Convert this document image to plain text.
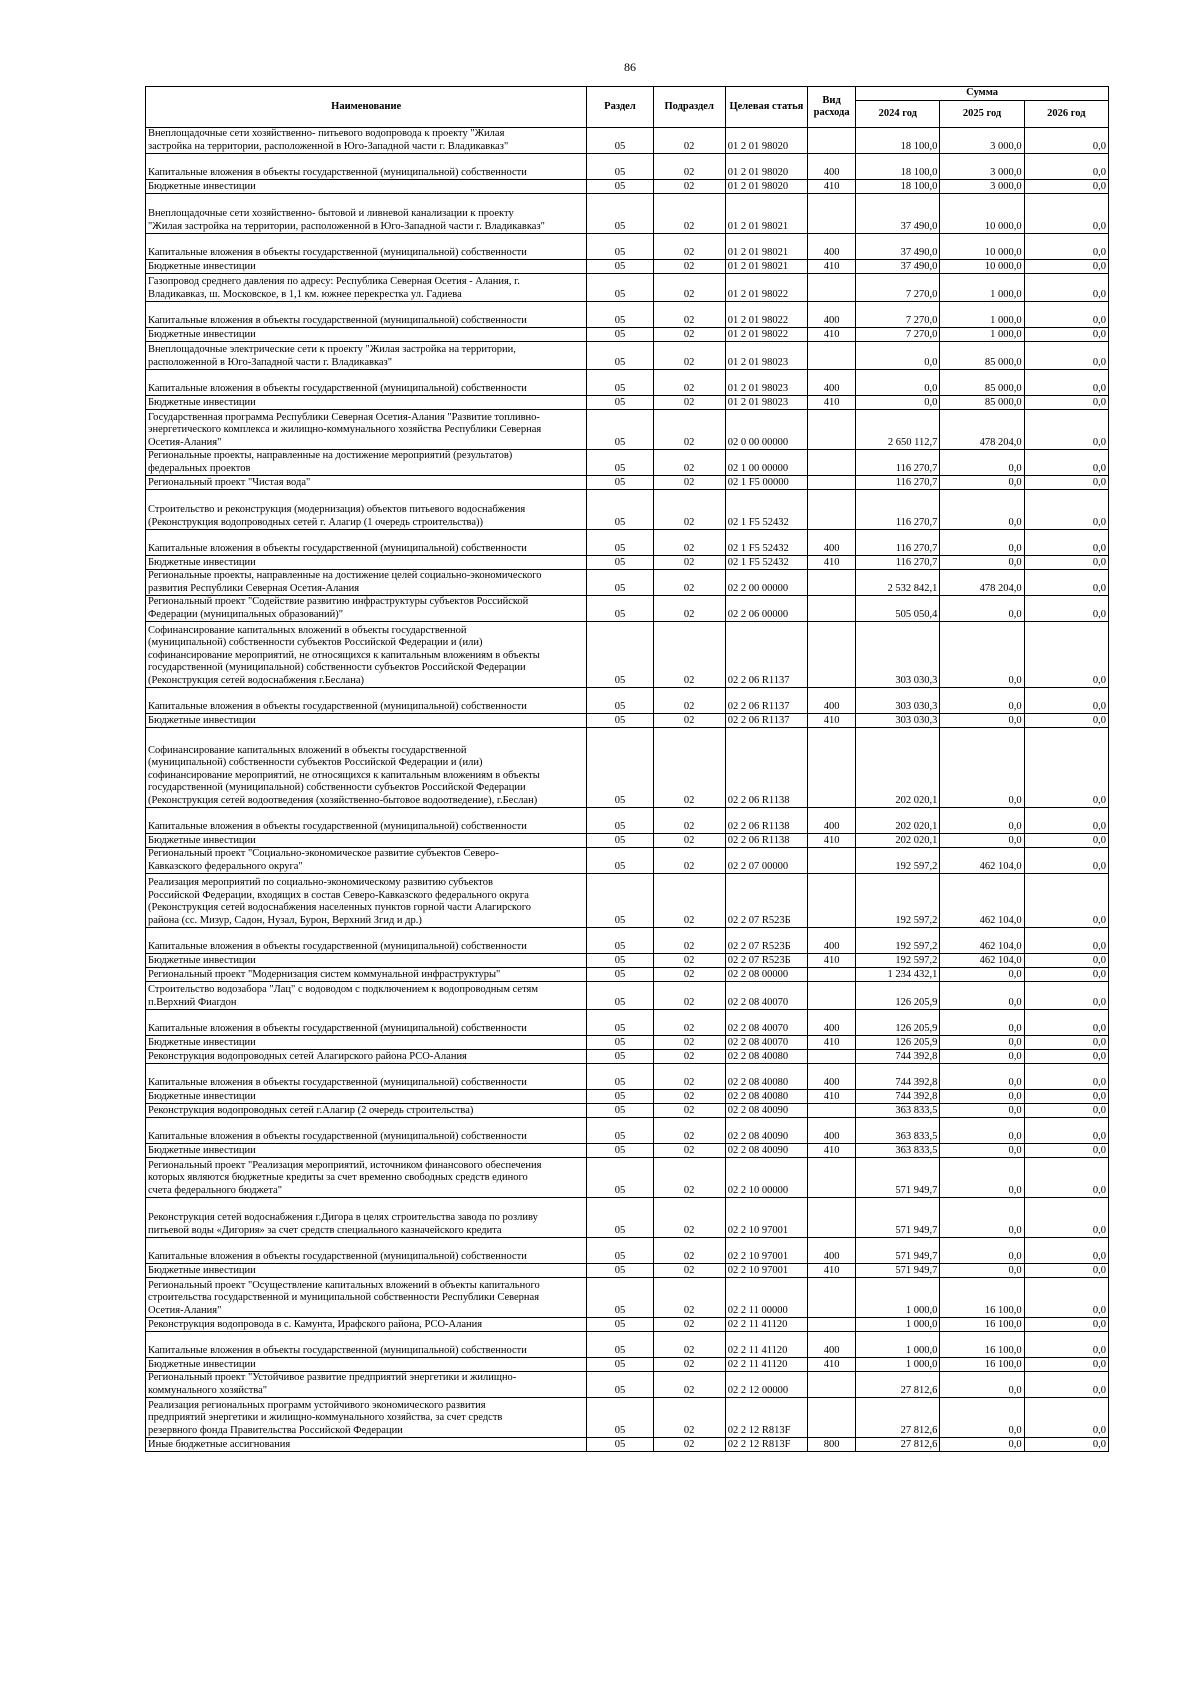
86
Наименование	Раздел	Подраздел	Целевая статья	Вид расхода	Сумма		
					2024 год	2025 год	2026 год
Внеплощадочные сети хозяйственно- питьевого водопровода к проекту "Жилая
застройка на территории, расположенной в Юго-Западной части г. Владикавказ"	05	02	01 2 01 98020		18 100,0	3 000,0	0,0
Капитальные вложения в объекты государственной (муниципальной) собственности	05	02	01 2 01 98020	400	18 100,0	3 000,0	0,0
Бюджетные инвестиции	05	02	01 2 01 98020	410	18 100,0	3 000,0	0,0
Внеплощадочные сети хозяйственно- бытовой и ливневой канализации к проекту
"Жилая застройка на территории, расположенной в Юго-Западной части г. Владикавказ"	05	02	01 2 01 98021		37 490,0	10 000,0	0,0
Капитальные вложения в объекты государственной (муниципальной) собственности	05	02	01 2 01 98021	400	37 490,0	10 000,0	0,0
Бюджетные инвестиции	05	02	01 2 01 98021	410	37 490,0	10 000,0	0,0
Газопровод среднего давления по адресу: Республика Северная Осетия - Алания, г.
Владикавказ, ш. Московское, в 1,1 км. южнее перекрестка ул. Гадиева	05	02	01 2 01 98022		7 270,0	1 000,0	0,0
Капитальные вложения в объекты государственной (муниципальной) собственности	05	02	01 2 01 98022	400	7 270,0	1 000,0	0,0
Бюджетные инвестиции	05	02	01 2 01 98022	410	7 270,0	1 000,0	0,0
Внеплощадочные электрические сети к проекту "Жилая застройка на территории,
расположенной в Юго-Западной части г. Владикавказ"	05	02	01 2 01 98023		0,0	85 000,0	0,0
Капитальные вложения в объекты государственной (муниципальной) собственности	05	02	01 2 01 98023	400	0,0	85 000,0	0,0
Бюджетные инвестиции	05	02	01 2 01 98023	410	0,0	85 000,0	0,0
Государственная программа Республики Северная Осетия-Алания "Развитие топливно-
энергетического комплекса и жилищно-коммунального хозяйства Республики Северная
Осетия-Алания"	05	02	02 0 00 00000		2 650 112,7	478 204,0	0,0
Региональные проекты, направленные на достижение мероприятий (результатов)
федеральных проектов	05	02	02 1 00 00000		116 270,7	0,0	0,0
Региональный проект "Чистая вода"	05	02	02 1 F5 00000		116 270,7	0,0	0,0
Строительство и реконструкция (модернизация) объектов питьевого водоснабжения
(Реконструкция водопроводных сетей г. Алагир (1 очередь строительства))	05	02	02 1 F5 52432		116 270,7	0,0	0,0
Капитальные вложения в объекты государственной (муниципальной) собственности	05	02	02 1 F5 52432	400	116 270,7	0,0	0,0
Бюджетные инвестиции	05	02	02 1 F5 52432	410	116 270,7	0,0	0,0
Региональные проекты, направленные на достижение целей социально-экономического
развития Республики Северная Осетия-Алания	05	02	02 2 00 00000		2 532 842,1	478 204,0	0,0
Региональный проект "Содействие развитию инфраструктуры субъектов Российской
Федерации (муниципальных образований)"	05	02	02 2 06 00000		505 050,4	0,0	0,0
Софинансирование капитальных вложений в объекты государственной
(муниципальной) собственности субъектов Российской Федерации и (или)
софинансирование мероприятий, не относящихся к капитальным вложениям в объекты
государственной (муниципальной) собственности субъектов Российской Федерации
(Реконструкция сетей водоснабжения г.Беслана)	05	02	02 2 06 R1137		303 030,3	0,0	0,0
Капитальные вложения в объекты государственной (муниципальной) собственности	05	02	02 2 06 R1137	400	303 030,3	0,0	0,0
Бюджетные инвестиции	05	02	02 2 06 R1137	410	303 030,3	0,0	0,0
Софинансирование капитальных вложений в объекты государственной
(муниципальной) собственности субъектов Российской Федерации и (или)
софинансирование мероприятий, не относящихся к капитальным вложениям в объекты
государственной (муниципальной) собственности субъектов Российской Федерации
(Реконструкция сетей водоотведения (хозяйственно-бытовое водоотведение), г.Беслан)	05	02	02 2 06 R1138		202 020,1	0,0	0,0
Капитальные вложения в объекты государственной (муниципальной) собственности	05	02	02 2 06 R1138	400	202 020,1	0,0	0,0
Бюджетные инвестиции	05	02	02 2 06 R1138	410	202 020,1	0,0	0,0
Региональный проект "Социально-экономическое развитие субъектов Северо-
Кавказского федерального округа"	05	02	02 2 07 00000		192 597,2	462 104,0	0,0
Реализация мероприятий по социально-экономическому развитию субъектов
Российской Федерации, входящих в состав Северо-Кавказского федерального округа
(Реконструкция сетей водоснабжения населенных пунктов горной части Алагирского
района (сс. Мизур, Садон, Нузал, Бурон, Верхний Згид и др.)	05	02	02 2 07 R523Б		192 597,2	462 104,0	0,0
Капитальные вложения в объекты государственной (муниципальной) собственности	05	02	02 2 07 R523Б	400	192 597,2	462 104,0	0,0
Бюджетные инвестиции	05	02	02 2 07 R523Б	410	192 597,2	462 104,0	0,0
Региональный проект "Модернизация систем коммунальной инфраструктуры"	05	02	02 2 08 00000		1 234 432,1	0,0	0,0
Строительство водозабора "Лац" с водоводом с подключением к водопроводным сетям
п.Верхний Фиагдон	05	02	02 2 08 40070		126 205,9	0,0	0,0
Капитальные вложения в объекты государственной (муниципальной) собственности	05	02	02 2 08 40070	400	126 205,9	0,0	0,0
Бюджетные инвестиции	05	02	02 2 08 40070	410	126 205,9	0,0	0,0
Реконструкция водопроводных сетей Алагирского района РСО-Алания	05	02	02 2 08 40080		744 392,8	0,0	0,0
Капитальные вложения в объекты государственной (муниципальной) собственности	05	02	02 2 08 40080	400	744 392,8	0,0	0,0
Бюджетные инвестиции	05	02	02 2 08 40080	410	744 392,8	0,0	0,0
Реконструкция водопроводных сетей г.Алагир (2 очередь строительства)	05	02	02 2 08 40090		363 833,5	0,0	0,0
Капитальные вложения в объекты государственной (муниципальной) собственности	05	02	02 2 08 40090	400	363 833,5	0,0	0,0
Бюджетные инвестиции	05	02	02 2 08 40090	410	363 833,5	0,0	0,0
Региональный проект "Реализация мероприятий, источником финансового обеспечения
которых являются бюджетные кредиты за счет временно свободных средств единого
счета федерального бюджета"	05	02	02 2 10 00000		571 949,7	0,0	0,0
Реконструкция сетей водоснабжения г.Дигора в целях строительства завода по розливу
питьевой воды «Дигория» за счет средств специального казначейского кредита	05	02	02 2 10 97001		571 949,7	0,0	0,0
Капитальные вложения в объекты государственной (муниципальной) собственности	05	02	02 2 10 97001	400	571 949,7	0,0	0,0
Бюджетные инвестиции	05	02	02 2 10 97001	410	571 949,7	0,0	0,0
Региональный проект "Осуществление капитальных вложений в объекты капитального
строительства государственной и муниципальной собственности Республики Северная
Осетия-Алания"	05	02	02 2 11 00000		1 000,0	16 100,0	0,0
Реконструкция водопровода в с. Камунта, Ирафского района, РСО-Алания	05	02	02 2 11 41120		1 000,0	16 100,0	0,0
Капитальные вложения в объекты государственной (муниципальной) собственности	05	02	02 2 11 41120	400	1 000,0	16 100,0	0,0
Бюджетные инвестиции	05	02	02 2 11 41120	410	1 000,0	16 100,0	0,0
Региональный проект "Устойчивое развитие предприятий энергетики и жилищно-
коммунального хозяйства"	05	02	02 2 12 00000		27 812,6	0,0	0,0
Реализация региональных программ устойчивого экономического развития
предприятий энергетики и жилищно-коммунального хозяйства, за счет средств
резервного фонда Правительства Российской Федерации	05	02	02 2 12 R813F		27 812,6	0,0	0,0
Иные бюджетные ассигнования	05	02	02 2 12 R813F	800	27 812,6	0,0	0,0
